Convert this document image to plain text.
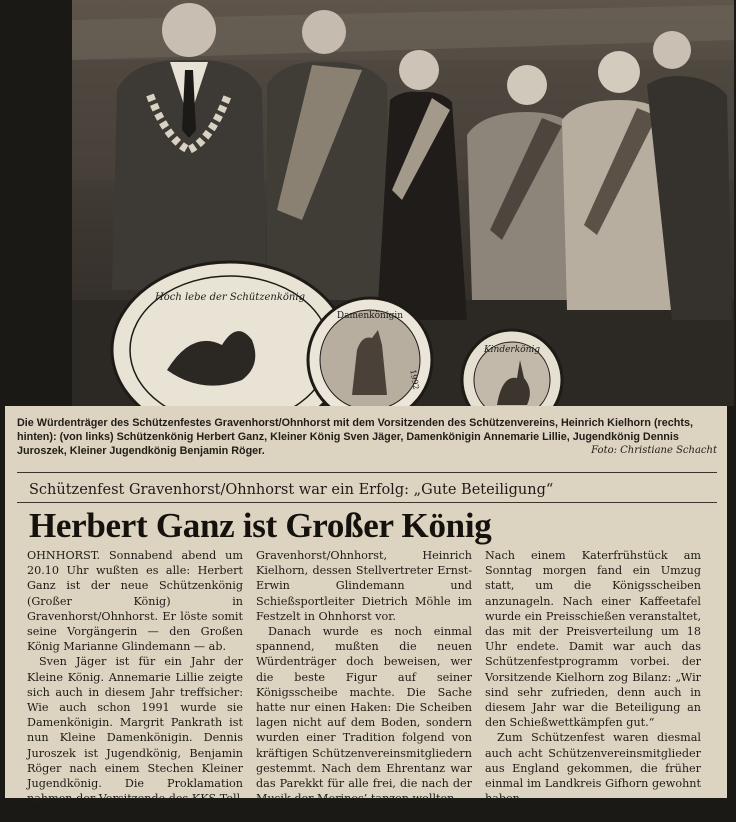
Hoch lebe der Schützenkönig
Damenkönigin
1992
Kinderkönig
Die Würdenträger des Schützenfestes Gravenhorst/Ohnhorst mit dem Vorsitzenden des Schützenvereins, Heinrich Kielhorn (rechts, hinten): (von links) Schützenkönig Herbert Ganz, Kleiner König Sven Jäger, Damenkönigin Annemarie Lillie, Jugendkönig Dennis Juroszek, Kleiner Jugendkönig Benjamin Röger.	Foto: Christiane Schacht
Schützenfest Gravenhorst/Ohnhorst war ein Erfolg: „Gute Beteiligung“
Herbert Ganz ist Großer König

OHNHORST. Sonnabend abend um 20.10 Uhr wußten es alle: Herbert Ganz ist der neue Schützenkönig (Großer König) in Gravenhorst/Ohnhorst. Er löste somit seine Vorgängerin — den Großen König Marianne Glindemann — ab.

Sven Jäger ist für ein Jahr der Kleine König. Annemarie Lillie zeigte sich auch in diesem Jahr treffsicher: Wie auch schon 1991 wurde sie Damenkönigin. Margrit Pankrath ist nun Kleine Damenkönigin. Dennis Juroszek ist Jugendkönig, Benjamin Röger nach einem Stechen Kleiner Jugendkönig. Die Proklamation nahmen der Vorsitzende des KKS Tell

Gravenhorst/Ohnhorst, Heinrich Kielhorn, dessen Stellvertreter Ernst-Erwin Glindemann und Schießsportleiter Dietrich Möhle im Festzelt in Ohnhorst vor.

Danach wurde es noch einmal spannend, mußten die neuen Würdenträger doch beweisen, wer die beste Figur auf seiner Königsscheibe machte. Die Sache hatte nur einen Haken: Die Scheiben lagen nicht auf dem Boden, sondern wurden einer Tradition folgend von kräftigen Schützenvereinsmitgliedern gestemmt. Nach dem Ehrentanz war das Parekkt für alle frei, die nach der Musik der Morinos’ tanzen wollten.

Nach einem Katerfrühstück am Sonntag morgen fand ein Umzug statt, um die Königsscheiben anzunageln. Nach einer Kaffeetafel wurde ein Preisschießen veranstaltet, das mit der Preisverteilung um 18 Uhr endete. Damit war auch das Schützenfestprogramm vorbei. der Vorsitzende Kielhorn zog Bilanz: „Wir sind sehr zufrieden, denn auch in diesem Jahr war die Beteiligung an den Schießwettkämpfen gut.“

Zum Schützenfest waren diesmal auch acht Schützenvereinsmitglieder aus England gekommen, die früher einmal im Landkreis Gifhorn gewohnt haben.

gchs
